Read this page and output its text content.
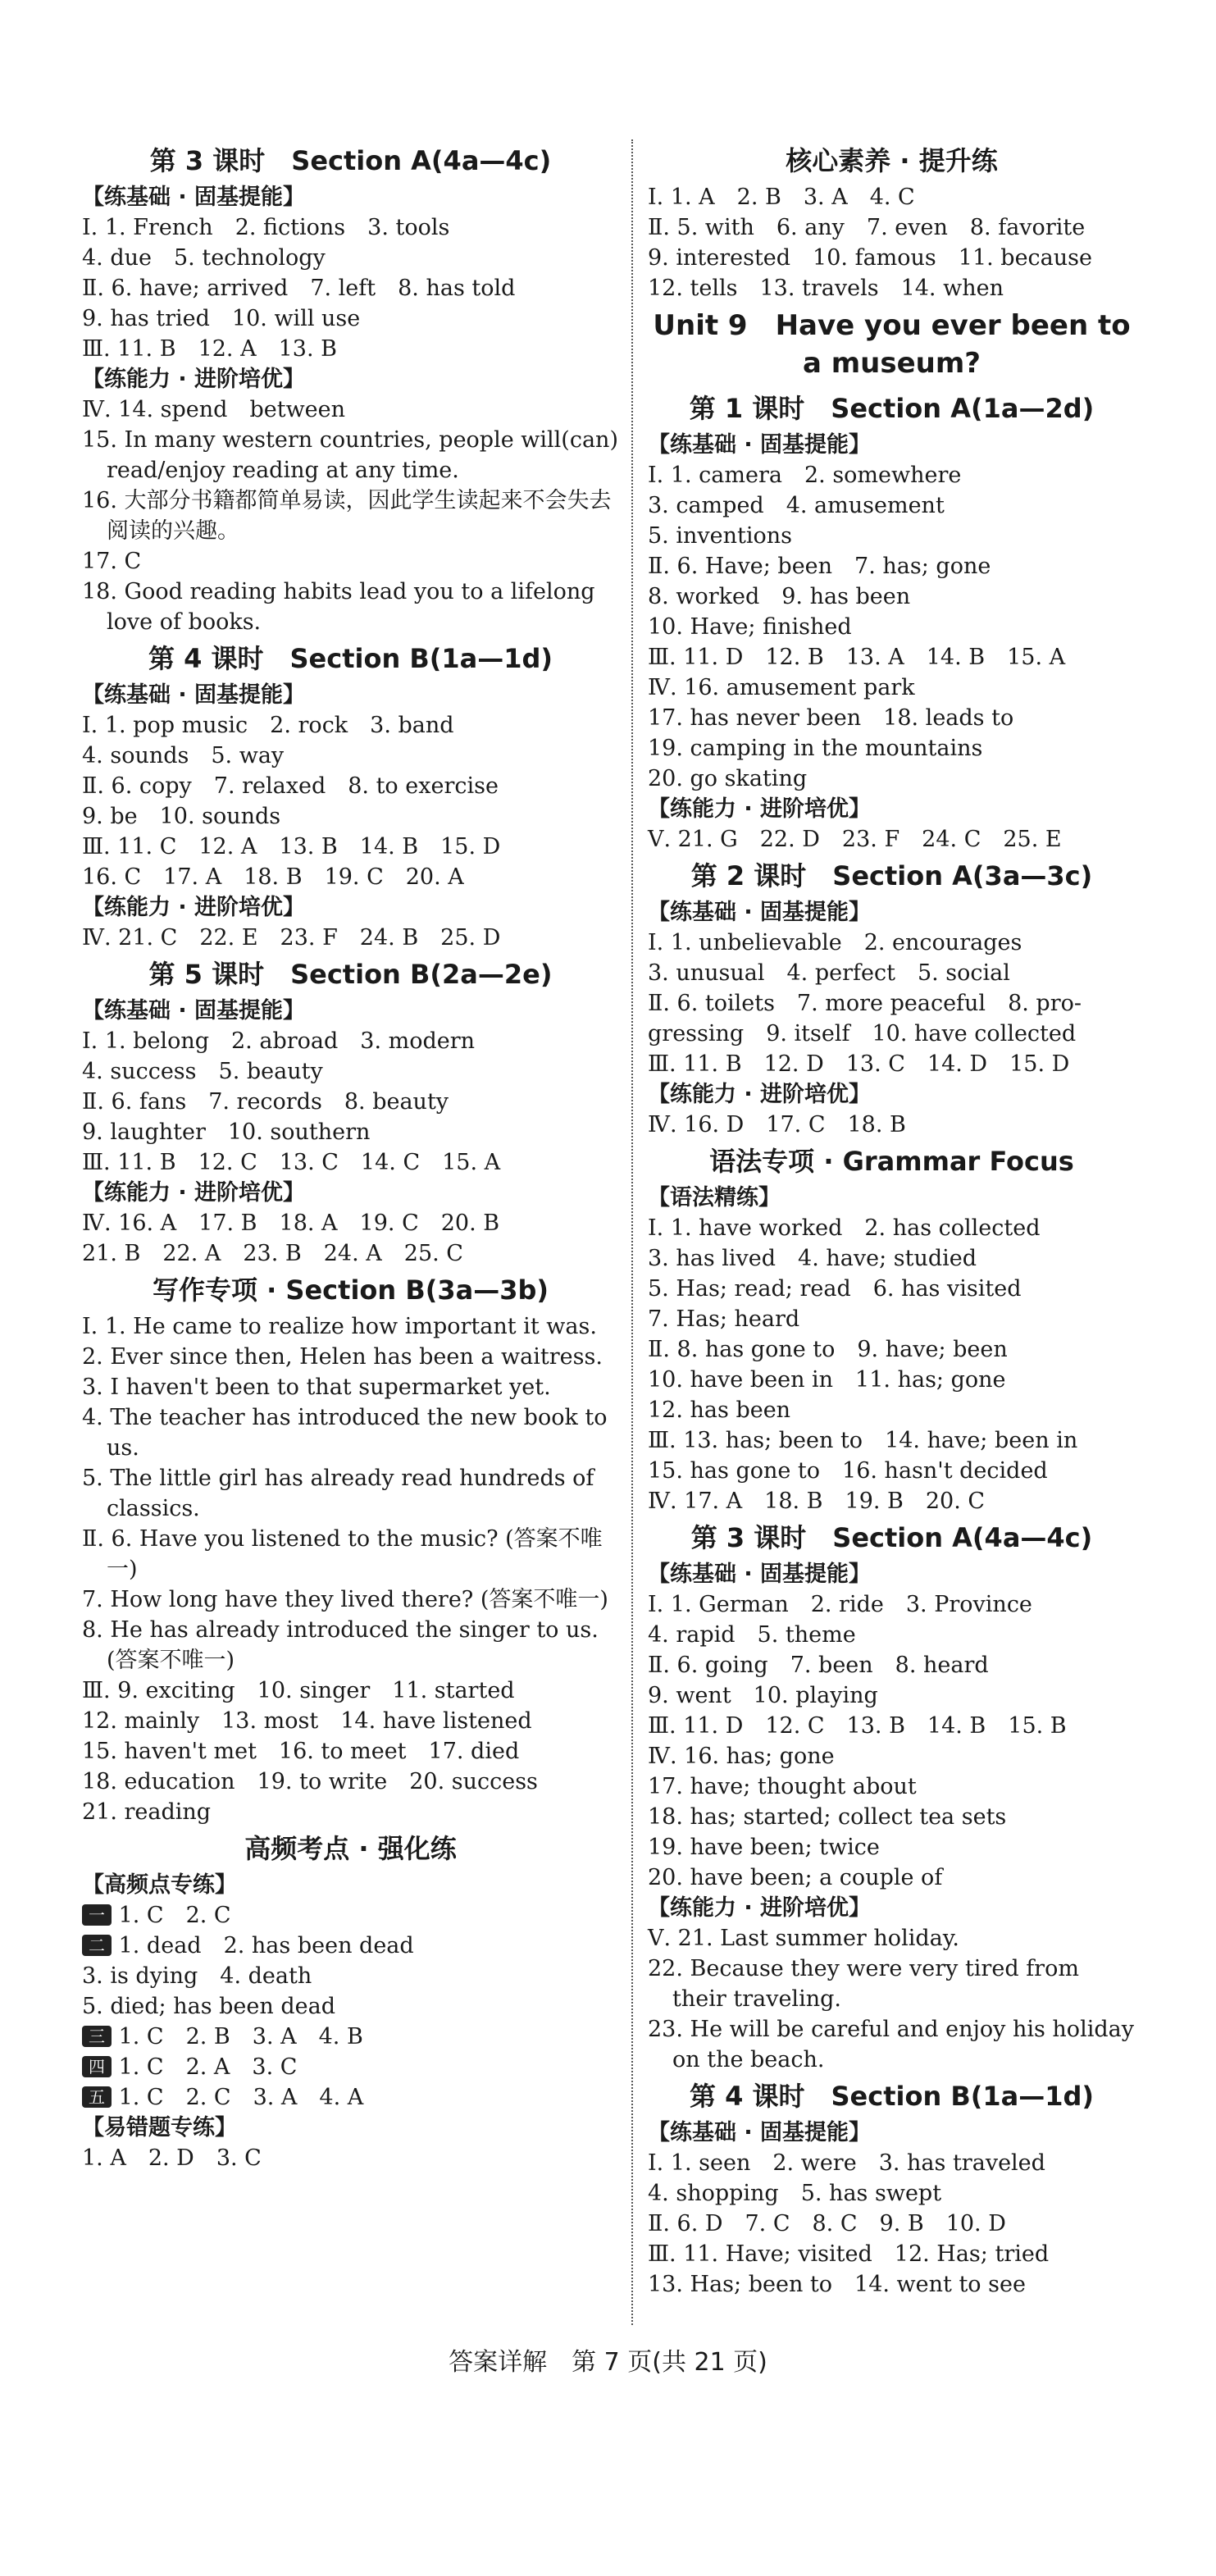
第 3 课时　Section A(4a—4c)
【练基础 · 固基提能】
Ⅰ. 1. French　2. fictions　3. tools
4. due　5. technology
Ⅱ. 6. have; arrived　7. left　8. has told
9. has tried　10. will use
Ⅲ. 11. B　12. A　13. B
【练能力 · 进阶培优】
Ⅳ. 14. spend　between
15. In many western countries, people will(can) read/enjoy reading at any time.
16. 大部分书籍都简单易读，因此学生读起来不会失去阅读的兴趣。
17. C
18. Good reading habits lead you to a lifelong love of books.
第 4 课时　Section B(1a—1d)
【练基础 · 固基提能】
Ⅰ. 1. pop music　2. rock　3. band
4. sounds　5. way
Ⅱ. 6. copy　7. relaxed　8. to exercise
9. be　10. sounds
Ⅲ. 11. C　12. A　13. B　14. B　15. D
16. C　17. A　18. B　19. C　20. A
【练能力 · 进阶培优】
Ⅳ. 21. C　22. E　23. F　24. B　25. D
第 5 课时　Section B(2a—2e)
【练基础 · 固基提能】
Ⅰ. 1. belong　2. abroad　3. modern
4. success　5. beauty
Ⅱ. 6. fans　7. records　8. beauty
9. laughter　10. southern
Ⅲ. 11. B　12. C　13. C　14. C　15. A
【练能力 · 进阶培优】
Ⅳ. 16. A　17. B　18. A　19. C　20. B
21. B　22. A　23. B　24. A　25. C
写作专项 · Section B(3a—3b)
Ⅰ. 1. He came to realize how important it was.
2. Ever since then, Helen has been a waitress.
3. I haven't been to that supermarket yet.
4. The teacher has introduced the new book to us.
5. The little girl has already read hundreds of classics.
Ⅱ. 6. Have you listened to the music? (答案不唯一)
7. How long have they lived there? (答案不唯一)
8. He has already introduced the singer to us. (答案不唯一)
Ⅲ. 9. exciting　10. singer　11. started
12. mainly　13. most　14. have listened
15. haven't met　16. to meet　17. died
18. education　19. to write　20. success
21. reading
高频考点 · 强化练
【高频点专练】
一 1. C　2. C
二 1. dead　2. has been dead
3. is dying　4. death
5. died; has been dead
三 1. C　2. B　3. A　4. B
四 1. C　2. A　3. C
五 1. C　2. C　3. A　4. A
【易错题专练】
1. A　2. D　3. C
核心素养 · 提升练
Ⅰ. 1. A　2. B　3. A　4. C
Ⅱ. 5. with　6. any　7. even　8. favorite
9. interested　10. famous　11. because
12. tells　13. travels　14. when
Unit 9　Have you ever been to a museum?
第 1 课时　Section A(1a—2d)
【练基础 · 固基提能】
Ⅰ. 1. camera　2. somewhere
3. camped　4. amusement
5. inventions
Ⅱ. 6. Have; been　7. has; gone
8. worked　9. has been
10. Have; finished
Ⅲ. 11. D　12. B　13. A　14. B　15. A
Ⅳ. 16. amusement park
17. has never been　18. leads to
19. camping in the mountains
20. go skating
【练能力 · 进阶培优】
Ⅴ. 21. G　22. D　23. F　24. C　25. E
第 2 课时　Section A(3a—3c)
【练基础 · 固基提能】
Ⅰ. 1. unbelievable　2. encourages
3. unusual　4. perfect　5. social
Ⅱ. 6. toilets　7. more peaceful　8. pro-
gressing　9. itself　10. have collected
Ⅲ. 11. B　12. D　13. C　14. D　15. D
【练能力 · 进阶培优】
Ⅳ. 16. D　17. C　18. B
语法专项 · Grammar Focus
【语法精练】
Ⅰ. 1. have worked　2. has collected
3. has lived　4. have; studied
5. Has; read; read　6. has visited
7. Has; heard
Ⅱ. 8. has gone to　9. have; been
10. have been in　11. has; gone
12. has been
Ⅲ. 13. has; been to　14. have; been in
15. has gone to　16. hasn't decided
Ⅳ. 17. A　18. B　19. B　20. C
第 3 课时　Section A(4a—4c)
【练基础 · 固基提能】
Ⅰ. 1. German　2. ride　3. Province
4. rapid　5. theme
Ⅱ. 6. going　7. been　8. heard
9. went　10. playing
Ⅲ. 11. D　12. C　13. B　14. B　15. B
Ⅳ. 16. has; gone
17. have; thought about
18. has; started; collect tea sets
19. have been; twice
20. have been; a couple of
【练能力 · 进阶培优】
Ⅴ. 21. Last summer holiday.
22. Because they were very tired from their traveling.
23. He will be careful and enjoy his holiday on the beach.
第 4 课时　Section B(1a—1d)
【练基础 · 固基提能】
Ⅰ. 1. seen　2. were　3. has traveled
4. shopping　5. has swept
Ⅱ. 6. D　7. C　8. C　9. B　10. D
Ⅲ. 11. Have; visited　12. Has; tried
13. Has; been to　14. went to see
答案详解　第 7 页(共 21 页)
